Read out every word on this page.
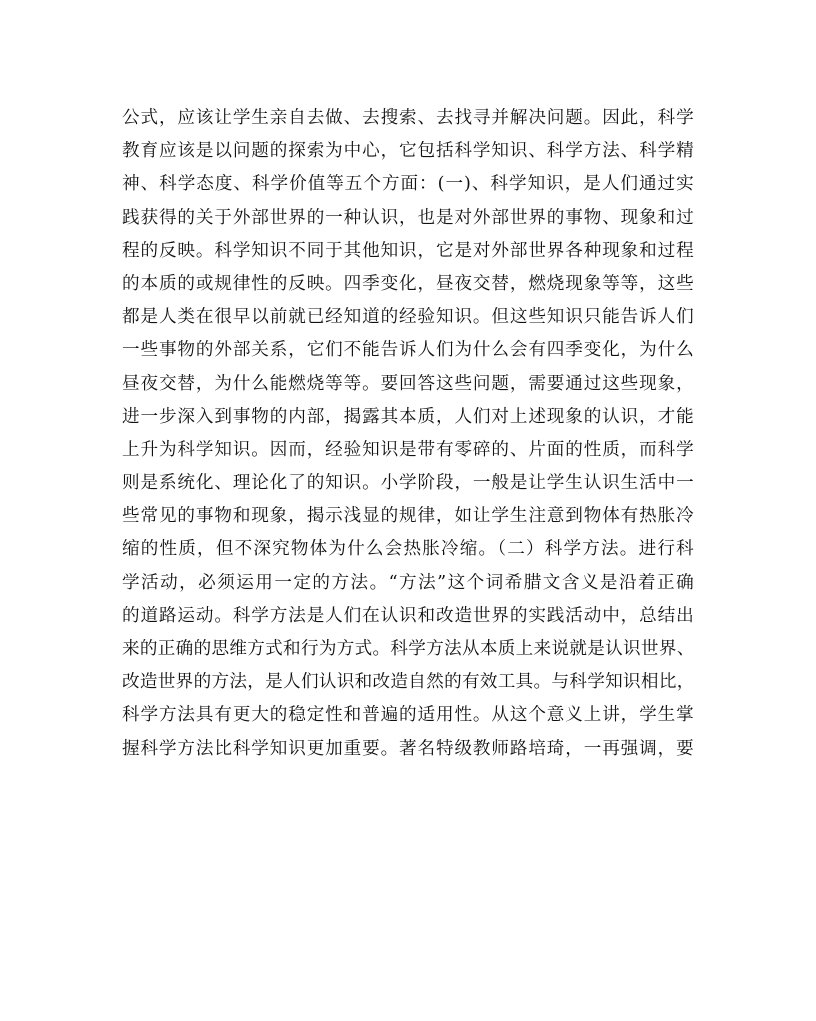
公式，应该让学生亲自去做、去搜索、去找寻并解决问题。因此，科学
教育应该是以问题的探索为中心，它包括科学知识、科学方法、科学精
神、科学态度、科学价值等五个方面：(一)、科学知识，是人们通过实
践获得的关于外部世界的一种认识，也是对外部世界的事物、现象和过
程的反映。科学知识不同于其他知识，它是对外部世界各种现象和过程
的本质的或规律性的反映。四季变化，昼夜交替，燃烧现象等等，这些
都是人类在很早以前就已经知道的经验知识。但这些知识只能告诉人们
一些事物的外部关系，它们不能告诉人们为什么会有四季变化，为什么
昼夜交替，为什么能燃烧等等。要回答这些问题，需要通过这些现象，
进一步深入到事物的内部，揭露其本质，人们对上述现象的认识，才能
上升为科学知识。因而，经验知识是带有零碎的、片面的性质，而科学
则是系统化、理论化了的知识。小学阶段，一般是让学生认识生活中一
些常见的事物和现象，揭示浅显的规律，如让学生注意到物体有热胀冷
缩的性质，但不深究物体为什么会热胀冷缩。（二）科学方法。进行科
学活动，必须运用一定的方法。“方法”这个词希腊文含义是沿着正确
的道路运动。科学方法是人们在认识和改造世界的实践活动中，总结出
来的正确的思维方式和行为方式。科学方法从本质上来说就是认识世界、
改造世界的方法，是人们认识和改造自然的有效工具。与科学知识相比，
科学方法具有更大的稳定性和普遍的适用性。从这个意义上讲，学生掌
握科学方法比科学知识更加重要。著名特级教师路培琦，一再强调，要
